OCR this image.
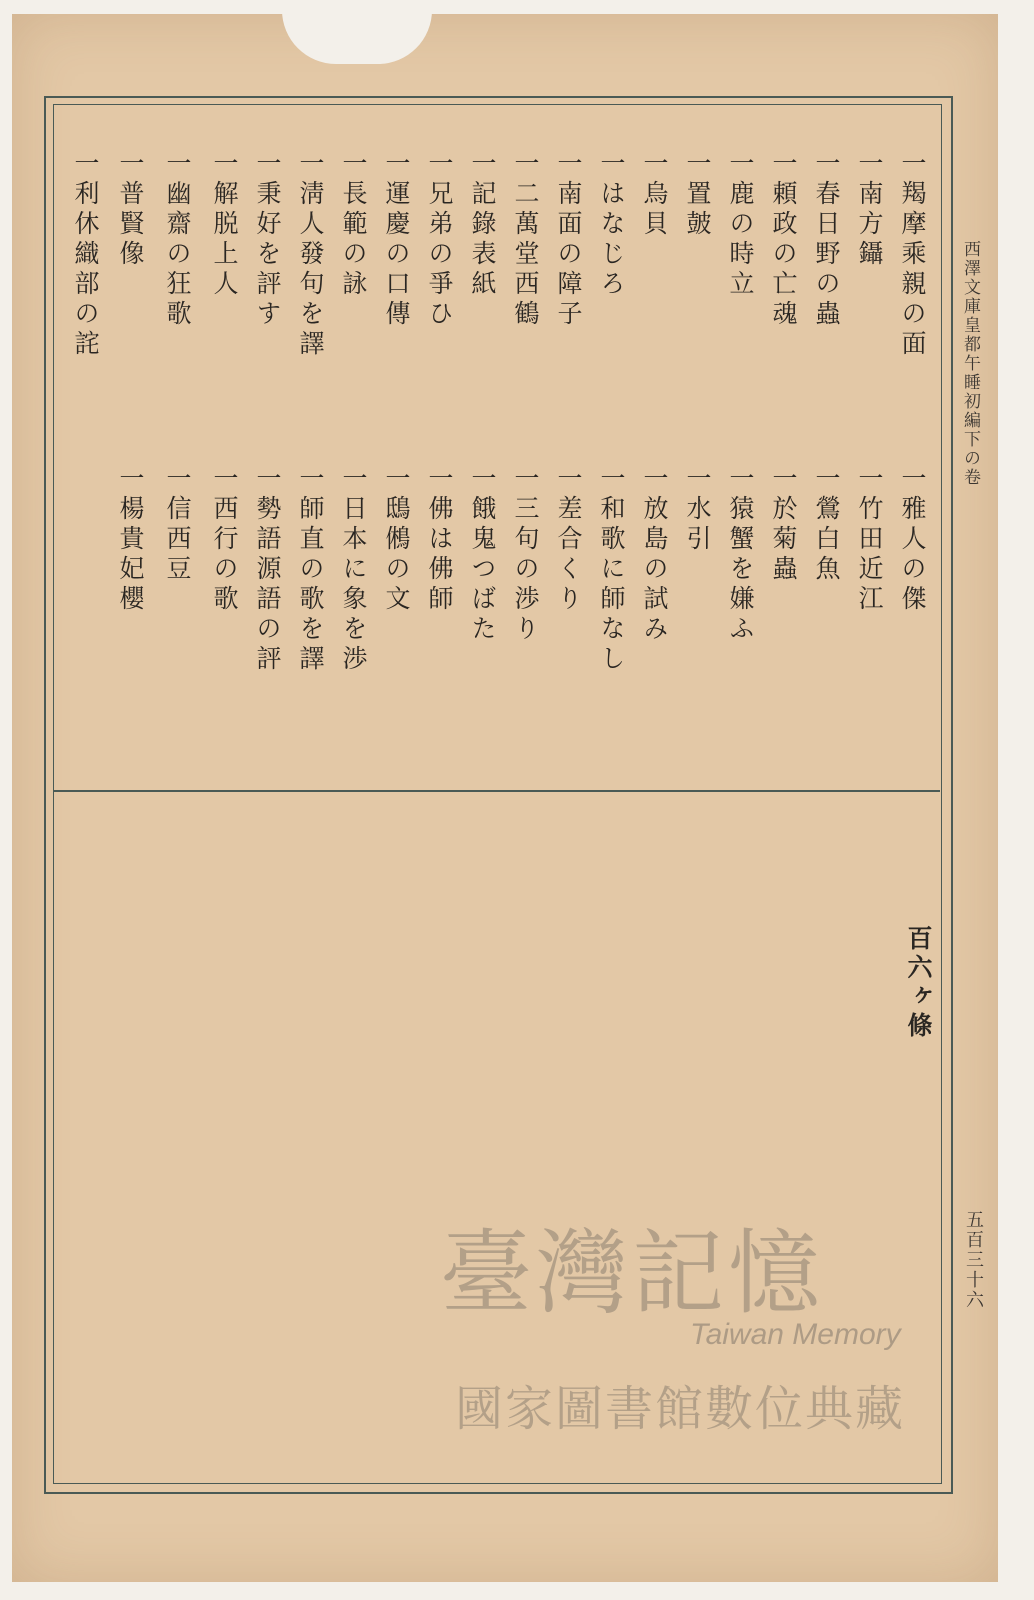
西澤文庫皇都午睡初編下の卷
五百三十六
百六ヶ條
一羯摩乘親の面
一南方鑷
一春日野の蟲
一頼政の亡魂
一鹿の時立
一置皷
一烏貝
一はなじろ
一南面の障子
一二萬堂西鶴
一記錄表紙
一兄弟の爭ひ
一運慶の口傳
一長範の詠
一淸人發句を譯
一秉好を評す
一解脱上人
一幽齋の狂歌
一普賢像
一利休織部の詫
一雅人の傑
一竹田近江
一鶯白魚
一於菊蟲
一猿蟹を嫌ふ
一水引
一放島の試み
一和歌に師なし
一差合くり
一三句の渉り
一餓鬼つばた
一佛は佛師
一鴟鵂の文
一日本に象を渉
一師直の歌を譯
一勢語源語の評
一西行の歌
一信西豆
一楊貴妃櫻
臺灣記憶
Taiwan Memory
國家圖書館數位典藏
